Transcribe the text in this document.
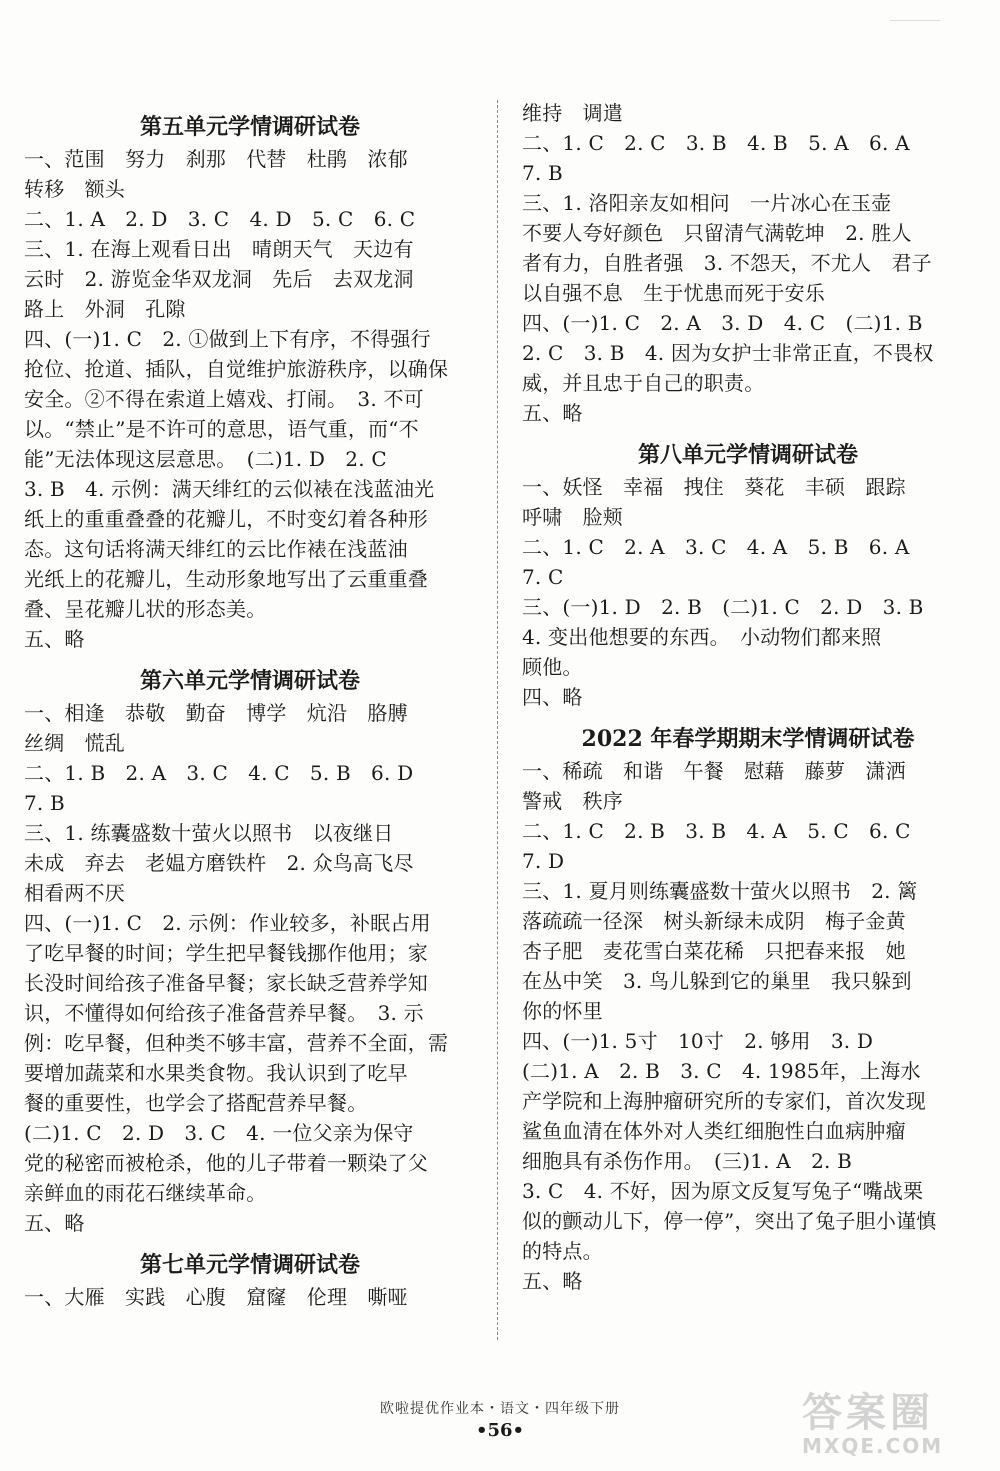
第五单元学情调研试卷
一、范围　努力　刹那　代替　杜鹃　浓郁
转移　额头
二、1. A　2. D　3. C　4. D　5. C　6. C
三、1. 在海上观看日出　晴朗天气　天边有
云时　2. 游览金华双龙洞　先后　去双龙洞
路上　外洞　孔隙
四、(一)1. C　2. ①做到上下有序，不得强行
抢位、抢道、插队，自觉维护旅游秩序，以确保
安全。②不得在索道上嬉戏、打闹。　3. 不可
以。“禁止”是不许可的意思，语气重，而“不
能”无法体现这层意思。　(二)1. D　2. C
3. B　4. 示例：满天绯红的云似裱在浅蓝油光
纸上的重重叠叠的花瓣儿，不时变幻着各种形
态。这句话将满天绯红的云比作裱在浅蓝油
光纸上的花瓣儿，生动形象地写出了云重重叠
叠、呈花瓣儿状的形态美。
五、略
第六单元学情调研试卷
一、相逢　恭敬　勤奋　博学　炕沿　胳膊
丝绸　慌乱
二、1. B　2. A　3. C　4. C　5. B　6. D
7. B
三、1. 练囊盛数十萤火以照书　以夜继日
未成　弃去　老媪方磨铁杵　2. 众鸟高飞尽
相看两不厌
四、(一)1. C　2. 示例：作业较多，补眠占用
了吃早餐的时间；学生把早餐钱挪作他用；家
长没时间给孩子准备早餐；家长缺乏营养学知
识，不懂得如何给孩子准备营养早餐。　3. 示
例：吃早餐，但种类不够丰富，营养不全面，需
要增加蔬菜和水果类食物。我认识到了吃早
餐的重要性，也学会了搭配营养早餐。
(二)1. C　2. D　3. C　4. 一位父亲为保守
党的秘密而被枪杀，他的儿子带着一颗染了父
亲鲜血的雨花石继续革命。
五、略
第七单元学情调研试卷
一、大雁　实践　心腹　窟窿　伦理　嘶哑
维持　调遣
二、1. C　2. C　3. B　4. B　5. A　6. A
7. B
三、1. 洛阳亲友如相问　一片冰心在玉壶
不要人夸好颜色　只留清气满乾坤　2. 胜人
者有力，自胜者强　3. 不怨天，不尤人　君子
以自强不息　生于忧患而死于安乐
四、(一)1. C　2. A　3. D　4. C　(二)1. B
2. C　3. B　4. 因为女护士非常正直，不畏权
威，并且忠于自己的职责。
五、略
第八单元学情调研试卷
一、妖怪　幸福　拽住　葵花　丰硕　跟踪
呼啸　脸颊
二、1. C　2. A　3. C　4. A　5. B　6. A
7. C
三、(一)1. D　2. B　(二)1. C　2. D　3. B
4. 变出他想要的东西。　小动物们都来照
顾他。
四、略
2022 年春学期期末学情调研试卷
一、稀疏　和谐　午餐　慰藉　藤萝　潇洒
警戒　秩序
二、1. C　2. B　3. B　4. A　5. C　6. C
7. D
三、1. 夏月则练囊盛数十萤火以照书　2. 篱
落疏疏一径深　树头新绿未成阴　梅子金黄
杏子肥　麦花雪白菜花稀　只把春来报　她
在丛中笑　3. 鸟儿躲到它的巢里　我只躲到
你的怀里
四、(一)1. 5寸　10寸　2. 够用　3. D
(二)1. A　2. B　3. C　4. 1985年，上海水
产学院和上海肿瘤研究所的专家们，首次发现
鲨鱼血清在体外对人类红细胞性白血病肿瘤
细胞具有杀伤作用。　(三)1. A　2. B
3. C　4. 不好，因为原文反复写兔子“嘴战栗
似的颤动儿下，停一停”，突出了兔子胆小谨慎
的特点。
五、略
欧啦提优作业本・语文・四年级下册
•56•	答案圈
MXQE.COM
